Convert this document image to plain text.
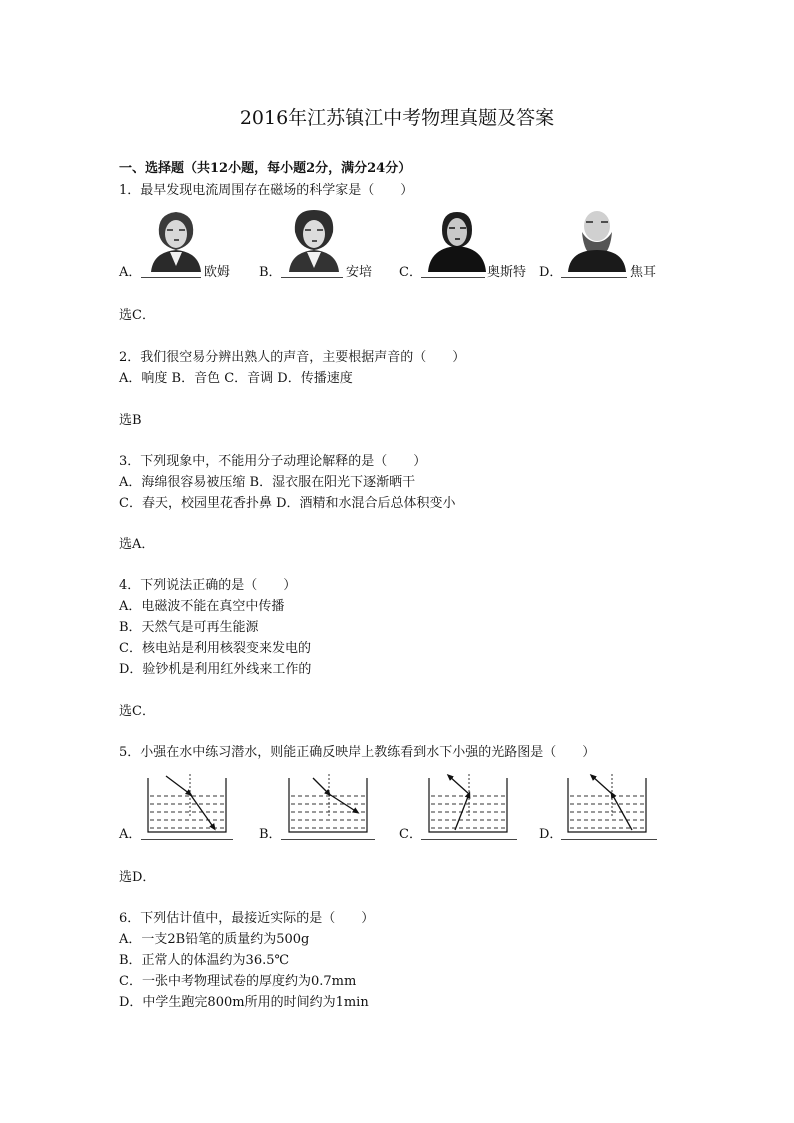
2016年江苏镇江中考物理真题及答案
一、选择题（共12小题，每小题2分，满分24分）
1．最早发现电流周围存在磁场的科学家是（　　）
A．	欧姆 B．	安培 C．	奥斯特 D．	焦耳
选C．
2．我们很空易分辨出熟人的声音，主要根据声音的（　　）
A．响度 B．音色 C．音调 D．传播速度
选B
3．下列现象中，不能用分子动理论解释的是（　　）
A．海绵很容易被压缩 B．湿衣服在阳光下逐渐晒干
C．春天，校园里花香扑鼻 D．酒精和水混合后总体积变小
选A．
4．下列说法正确的是（　　）
A．电磁波不能在真空中传播
B．天然气是可再生能源
C．核电站是利用核裂变来发电的
D．验钞机是利用红外线来工作的
选C．
5．小强在水中练习潜水，则能正确反映岸上教练看到水下小强的光路图是（　　）
A．	B．	C．	D．
选D．
6．下列估计值中，最接近实际的是（　　）
A．一支2B铅笔的质量约为500g
B．正常人的体温约为36.5℃
C．一张中考物理试卷的厚度约为0.7mm
D．中学生跑完800m所用的时间约为1min
